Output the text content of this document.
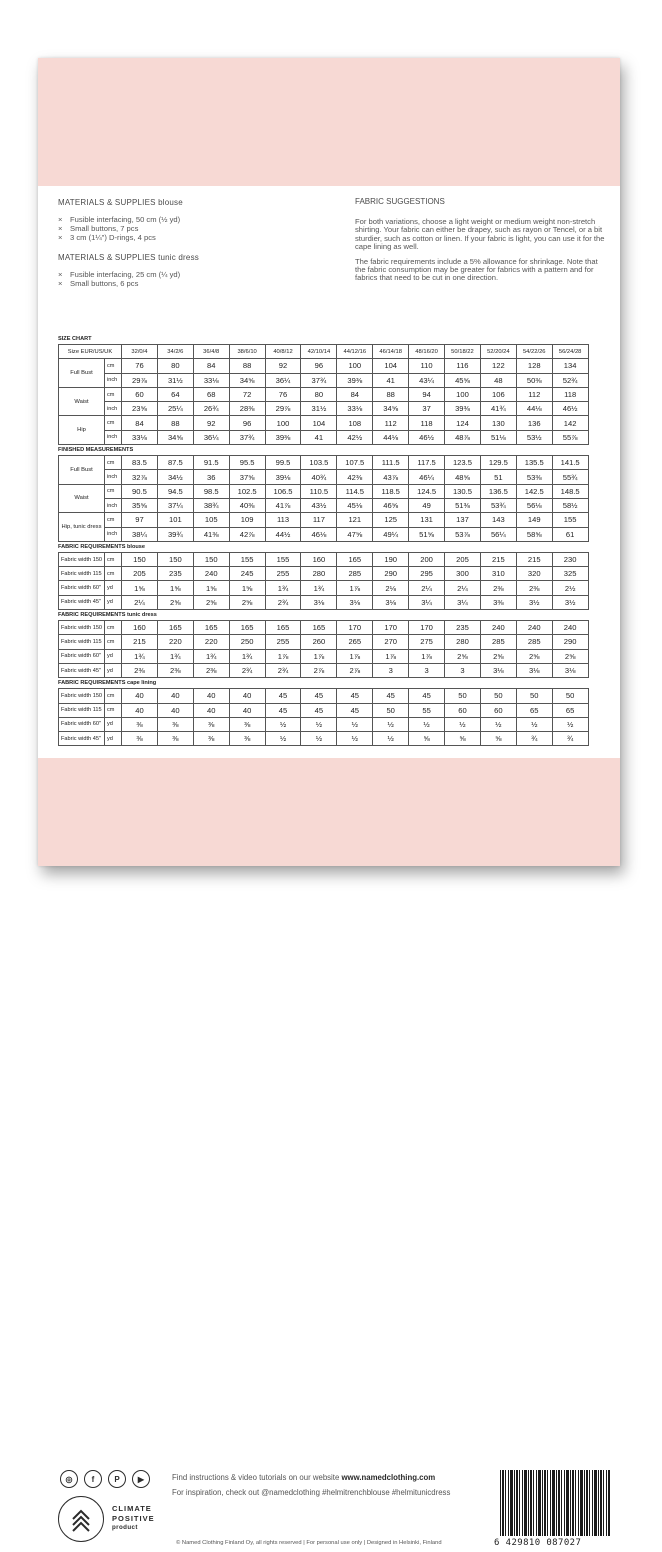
MATERIALS & SUPPLIES blouse
× Fusible interfacing, 50 cm (½ yd)
× Small buttons, 7 pcs
× 3 cm (1¼") D-rings, 4 pcs
MATERIALS & SUPPLIES tunic dress
× Fusible interfacing, 25 cm (¼ yd)
× Small buttons, 6 pcs
FABRIC SUGGESTIONS

For both variations, choose a light weight or medium weight non-stretch shirting. Your fabric can either be drapey, such as rayon or Tencel, or a bit sturdier, such as cotton or linen. If your fabric is light, you can use it for the cape lining as well.

The fabric requirements include a 5% allowance for shrinkage. Note that the fabric consumption may be greater for fabrics with a pattern and for fabrics that need to be cut in one direction.

SIZE CHART
Size EUR/US/UK		32/0/4	34/2/6	36/4/8	38/6/10	40/8/12	42/10/14	44/12/16	46/14/18	48/16/20	50/18/22	52/20/24	54/22/26	56/24/28
Full Bust	cm	76	80	84	88	92	96	100	104	110	116	122	128	134
	inch	29⅞	31½	33⅛	34⅝	36¼	37¾	39⅜	41	43¼	45⅝	48	50⅜	52¾
Waist	cm	60	64	68	72	76	80	84	88	94	100	106	112	118
	inch	23⅝	25¼	26¾	28⅜	29⅞	31½	33⅛	34⅝	37	39⅜	41¾	44⅛	46½
Hip	cm	84	88	92	96	100	104	108	112	118	124	130	136	142
	inch	33⅛	34⅝	36¼	37¾	39⅜	41	42½	44⅛	46½	48⅞	51⅛	53½	55⅞
FINISHED MEASUREMENTS
Full Bust	cm	83.5	87.5	91.5	95.5	99.5	103.5	107.5	111.5	117.5	123.5	129.5	135.5	141.5
	inch	32⅞	34½	36	37⅝	39⅛	40¾	42⅜	43⅞	46¼	48⅝	51	53⅜	55¾
Waist	cm	90.5	94.5	98.5	102.5	106.5	110.5	114.5	118.5	124.5	130.5	136.5	142.5	148.5
	inch	35⅝	37¼	38¾	40⅜	41⅞	43½	45⅛	46⅝	49	51⅜	53¾	56⅛	58½
Hip, tunic dress	cm	97	101	105	109	113	117	121	125	131	137	143	149	155
	inch	38¼	39¾	41⅜	42⅞	44½	46⅛	47⅝	49¼	51⅝	53⅞	56¼	58⅝	61
FABRIC REQUIREMENTS blouse
Fabric width 150	cm	150	150	150	155	155	160	165	190	200	205	215	215	230
Fabric width 115	cm	205	235	240	245	255	280	285	290	295	300	310	320	325
Fabric width 60"	yd	1⅝	1⅝	1⅝	1⅝	1¾	1¾	1⅞	2⅛	2¼	2¼	2⅜	2⅜	2½
Fabric width 45"	yd	2¼	2⅝	2⅝	2⅝	2¾	3⅛	3⅛	3⅛	3¼	3¼	3⅜	3½	3½
FABRIC REQUIREMENTS tunic dress
Fabric width 150	cm	160	165	165	165	165	165	170	170	170	235	240	240	240
Fabric width 115	cm	215	220	220	250	255	260	265	270	275	280	285	285	290
Fabric width 60"	yd	1¾	1¾	1¾	1¾	1⅞	1⅞	1⅞	1⅞	1⅞	2⅝	2⅝	2⅝	2⅝
Fabric width 45"	yd	2⅜	2⅜	2⅜	2¾	2¾	2⅞	2⅞	3	3	3	3⅛	3⅛	3⅛
FABRIC REQUIREMENTS cape lining
Fabric width 150	cm	40	40	40	40	45	45	45	45	45	50	50	50	50
Fabric width 115	cm	40	40	40	40	45	45	45	50	55	60	60	65	65
Fabric width 60"	yd	⅜	⅜	⅜	⅜	½	½	½	½	½	½	½	½	½
Fabric width 45"	yd	⅜	⅜	⅜	⅜	½	½	½	½	⅝	⅝	⅝	¾	¾
◎	f	P	▶	Find instructions & video tutorials on our website www.namedclothing.com
For inspiration, check out @namedclothing #helmitrenchblouse #helmitunicdress
CLIMATE
POSITIVE
product
© Named Clothing Finland Oy, all rights reserved | For personal use only | Designed in Helsinki, Finland	6 429810 087027
